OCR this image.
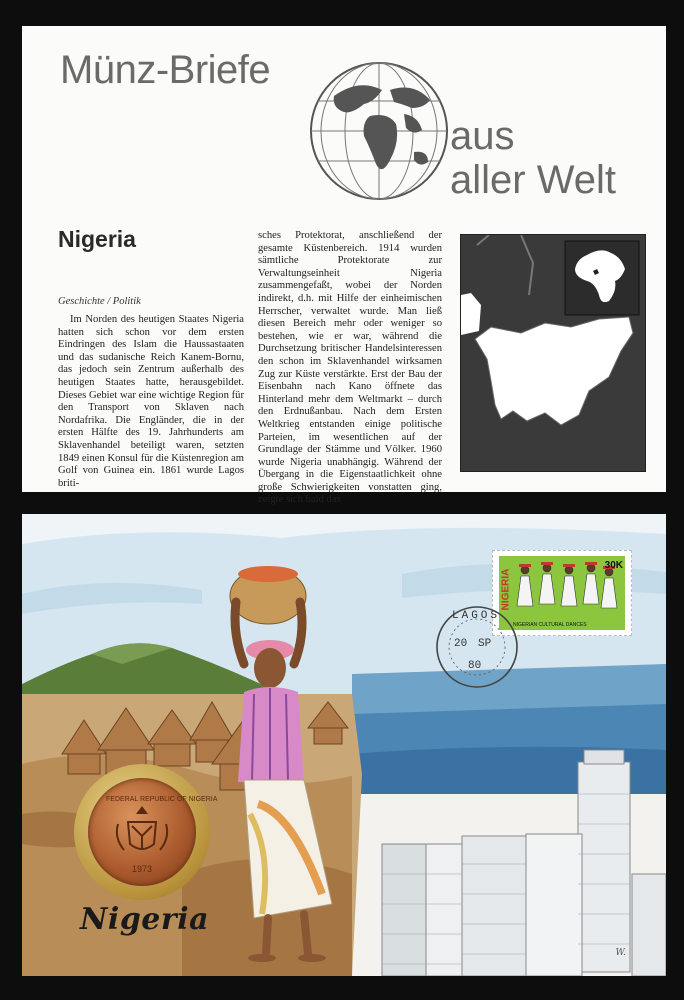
Münz-Briefe
aus
aller Welt
Nigeria
Geschichte / Politik
Im Norden des heutigen Staates Nigeria hatten sich schon vor dem ersten Eindringen des Islam die Haussastaaten und das sudanische Reich Kanem-Bornu, das jedoch sein Zentrum außerhalb des heutigen Staates hatte, herausgebildet. Dieses Gebiet war eine wichtige Region für den Transport von Sklaven nach Nordafrika. Die Engländer, die in der ersten Hälfte des 19. Jahrhunderts am Sklavenhandel beteiligt waren, setzten 1849 einen Konsul für die Küstenregion am Golf von Guinea ein. 1861 wurde Lagos briti-
sches Protektorat, anschließend der gesamte Küstenbereich. 1914 wurden sämtliche Protektorate zur Verwaltungseinheit Nigeria zusammengefaßt, wobei der Norden indirekt, d.h. mit Hilfe der einheimischen Herrscher, verwaltet wurde. Man ließ diesen Bereich mehr oder weniger so bestehen, wie er war, während die Durchsetzung britischer Handelsinteressen den schon im Sklavenhandel wirksamen Zug zur Küste verstärkte. Erst der Bau der Eisenbahn nach Kano öffnete das Hinterland mehr dem Weltmarkt – durch den Erdnußanbau. Nach dem Ersten Weltkrieg entstanden einige politische Parteien, im wesentlichen auf der Grundlage der Stämme und Völker. 1960 wurde Nigeria unabhängig. Während der Übergang in die Eigenstaatlichkeit ohne große Schwierigkeiten vonstatten ging, zeigte sich bald das
NIGERIA
30K
NIGERIAN CULTURAL DANCES
LAGOS
20 SP
80
FEDERAL REPUBLIC OF NIGERIA
1973
Nigeria
W.
